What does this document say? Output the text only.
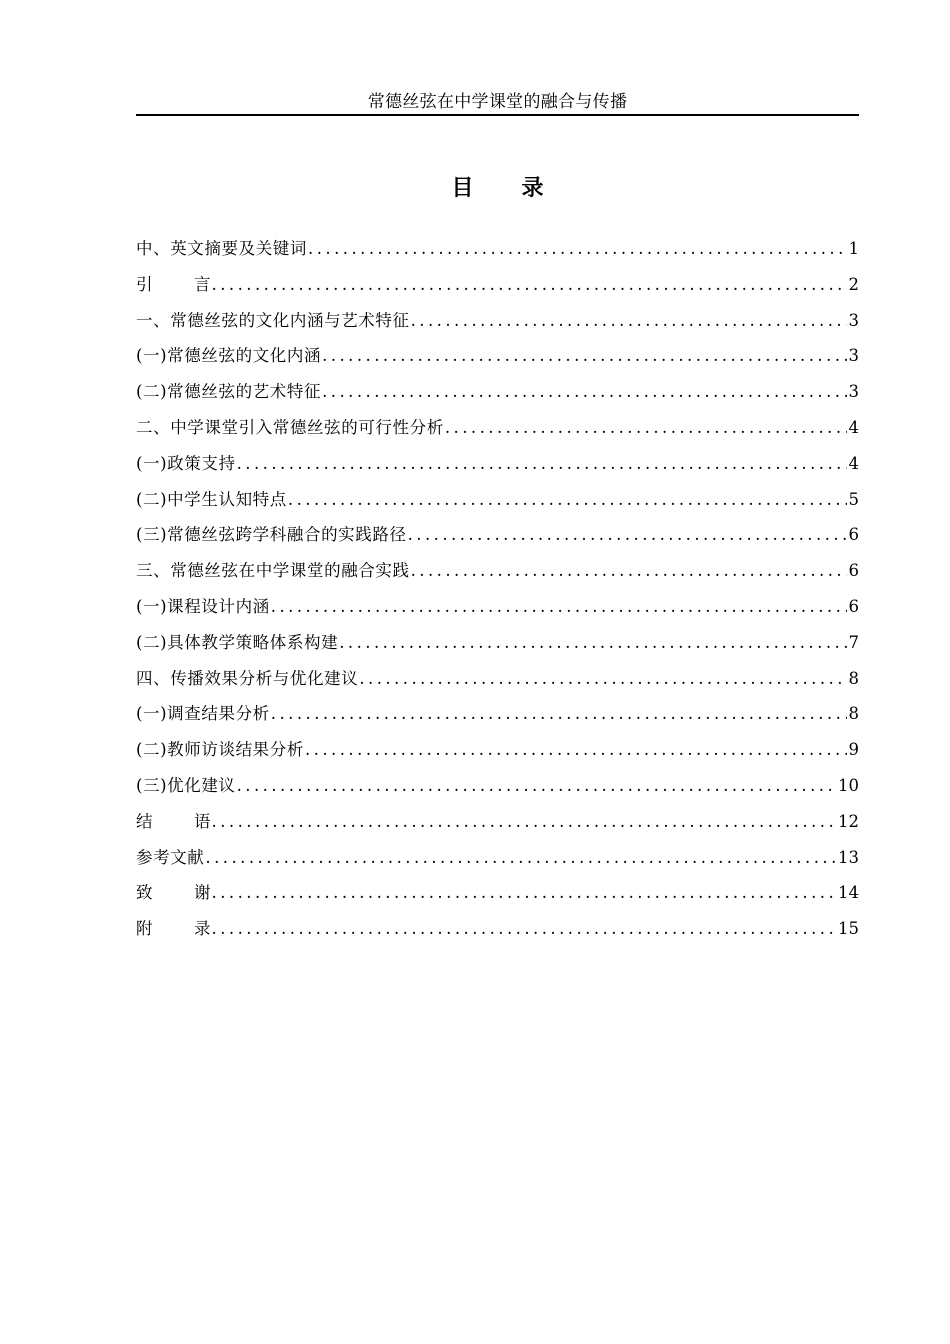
常德丝弦在中学课堂的融合与传播
目 录
中、英文摘要及关键词 . . .	1
引	言 . . .	2
一、常德丝弦的文化内涵与艺术特征 . . .	3
(一)常德丝弦的文化内涵 . . .	3
(二)常德丝弦的艺术特征 . . .	3
二、中学课堂引入常德丝弦的可行性分析 . . .	4
(一)政策支持 . . .	4
(二)中学生认知特点 . . .	5
(三)常德丝弦跨学科融合的实践路径 . . .	6
三、常德丝弦在中学课堂的融合实践 . . .	6
(一)课程设计内涵 . . .	6
(二)具体教学策略体系构建 . . .	7
四、传播效果分析与优化建议 . . .	8
(一)调查结果分析 . . .	8
(二)教师访谈结果分析 . . .	9
(三)优化建议 . . .	10
结	语 . . .	12
参考文献 . . .	13
致	谢 . . .	14
附	录 . . .	15
